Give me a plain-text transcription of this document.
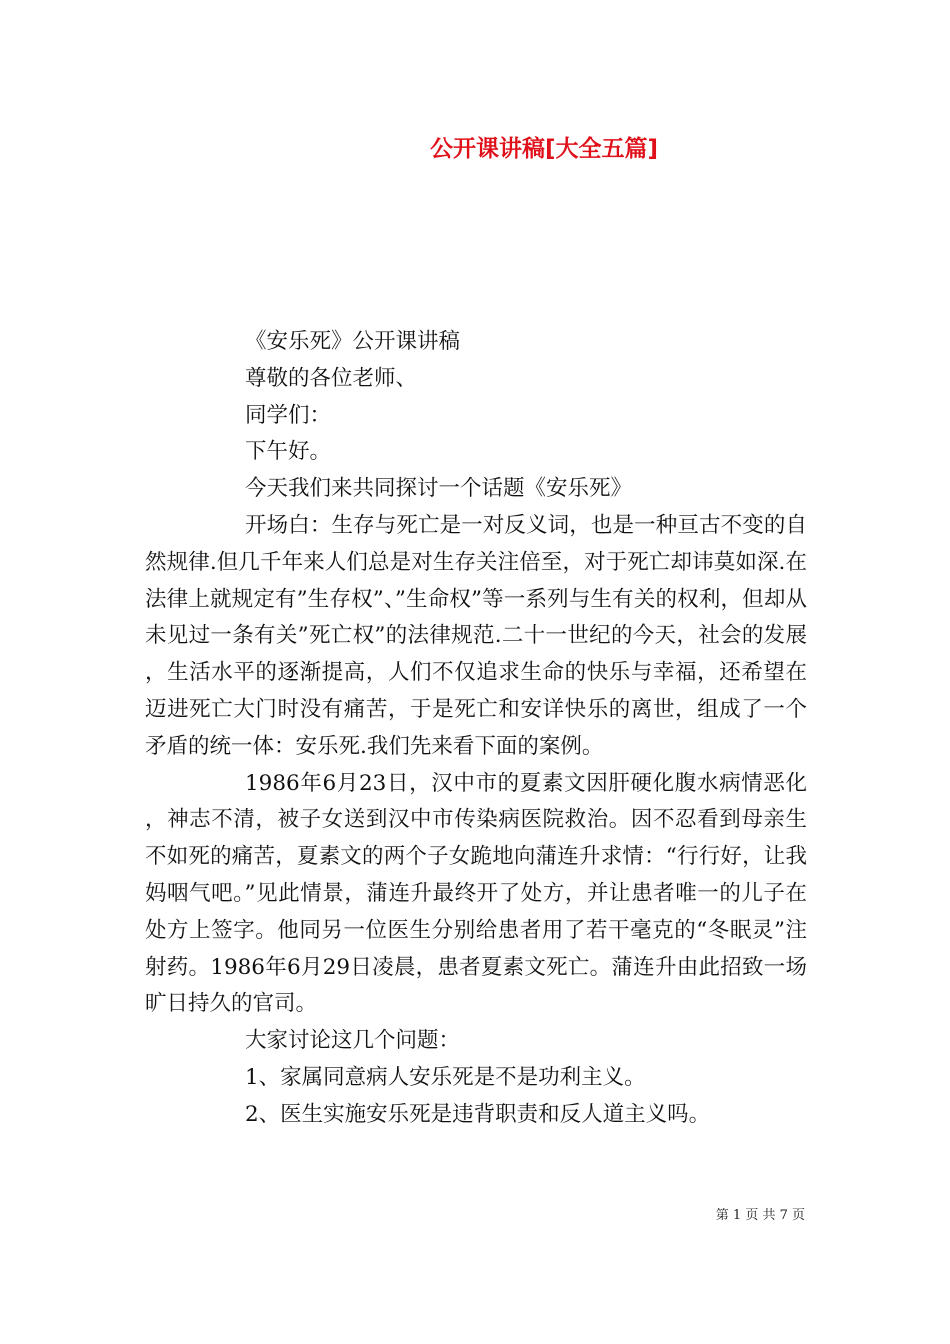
公开课讲稿[大全五篇]

《安乐死》公开课讲稿

尊敬的各位老师、

同学们：

下午好。

今天我们来共同探讨一个话题《安乐死》

开场白：生存与死亡是一对反义词，也是一种亘古不变的自然规律.但几千年来人们总是对生存关注倍至，对于死亡却讳莫如深.在法律上就规定有”生存权”、”生命权”等一系列与生有关的权利，但却从未见过一条有关”死亡权”的法律规范.二十一世纪的今天，社会的发展，生活水平的逐渐提高，人们不仅追求生命的快乐与幸福，还希望在迈进死亡大门时没有痛苦，于是死亡和安详快乐的离世，组成了一个矛盾的统一体：安乐死.我们先来看下面的案例。

1986年6月23日，汉中市的夏素文因肝硬化腹水病情恶化，神志不清，被子女送到汉中市传染病医院救治。因不忍看到母亲生不如死的痛苦，夏素文的两个子女跪地向蒲连升求情：“行行好，让我妈咽气吧。”见此情景，蒲连升最终开了处方，并让患者唯一的儿子在处方上签字。他同另一位医生分别给患者用了若干毫克的“冬眠灵”注射药。1986年6月29日凌晨，患者夏素文死亡。蒲连升由此招致一场旷日持久的官司。

大家讨论这几个问题：

1、家属同意病人安乐死是不是功利主义。

2、医生实施安乐死是违背职责和反人道主义吗。

第 1 页 共 7 页
